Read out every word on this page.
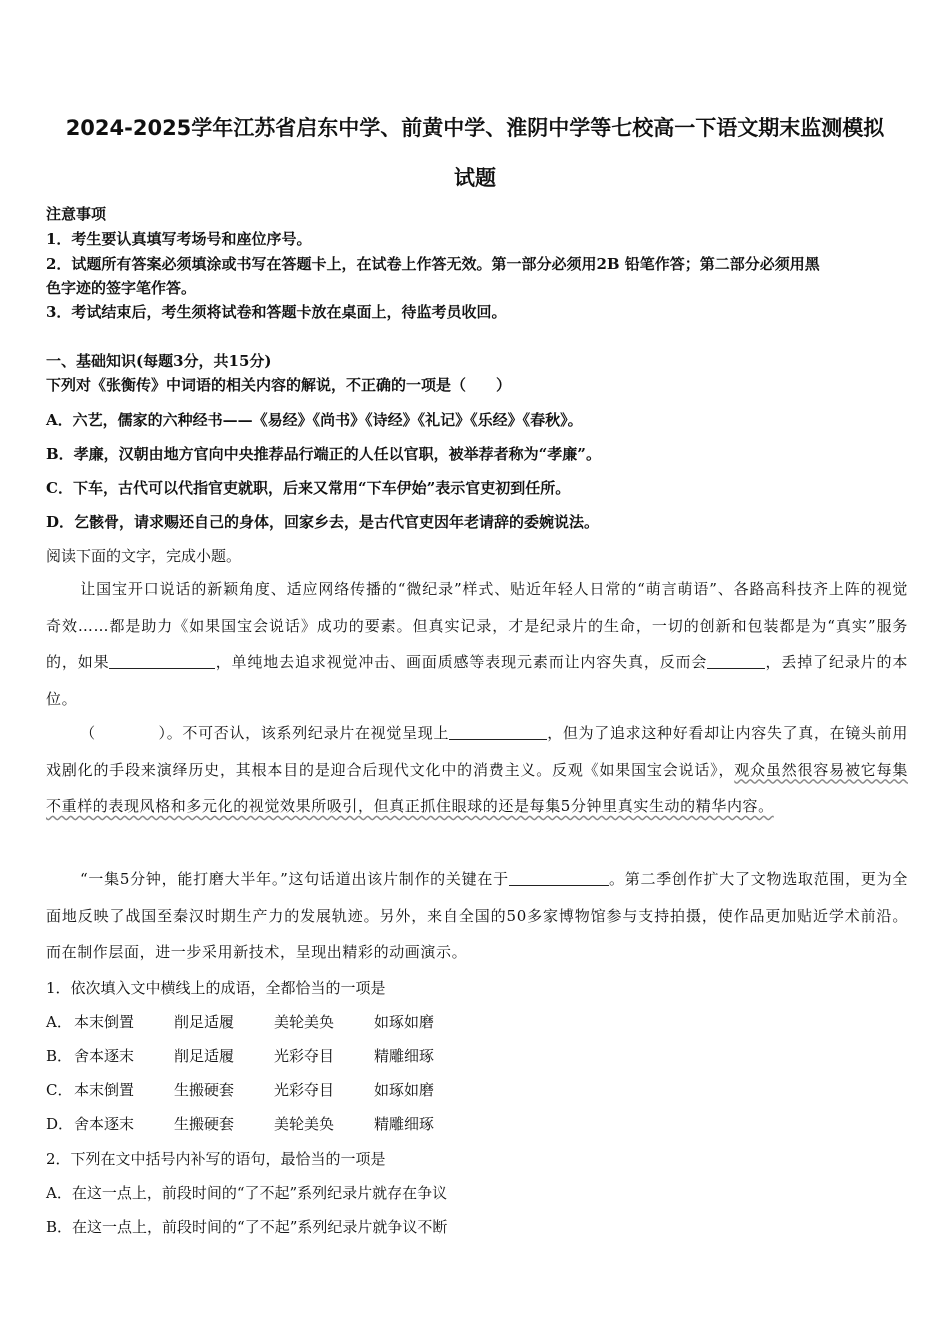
2024-2025学年江苏省启东中学、前黄中学、淮阴中学等七校高一下语文期末监测模拟
试题
注意事项
1．考生要认真填写考场号和座位序号。
2．试题所有答案必须填涂或书写在答题卡上，在试卷上作答无效。第一部分必须用2B 铅笔作答；第二部分必须用黑
色字迹的签字笔作答。
3．考试结束后，考生须将试卷和答题卡放在桌面上，待监考员收回。
一、基础知识(每题3分，共15分)
下列对《张衡传》中词语的相关内容的解说，不正确的一项是（　　）
A．六艺，儒家的六种经书——《易经》《尚书》《诗经》《礼记》《乐经》《春秋》。
B．孝廉，汉朝由地方官向中央推荐品行端正的人任以官职，被举荐者称为“孝廉”。
C．下车，古代可以代指官吏就职，后来又常用“下车伊始”表示官吏初到任所。
D．乞骸骨，请求赐还自己的身体，回家乡去，是古代官吏因年老请辞的委婉说法。
阅读下面的文字，完成小题。
让国宝开口说话的新颖角度、适应网络传播的“微纪录”样式、贴近年轻人日常的“萌言萌语”、各路高科技齐上阵的视觉奇效……都是助力《如果国宝会说话》成功的要素。但真实记录，才是纪录片的生命，一切的创新和包装都是为“真实”服务的，如果	，单纯地去追求视觉冲击、画面质感等表现元素而让内容失真，反而会	，丢掉了纪录片的本位。
（　　　　）。不可否认，该系列纪录片在视觉呈现上	，但为了追求这种好看却让内容失了真，在镜头前用戏剧化的手段来演绎历史，其根本目的是迎合后现代文化中的消费主义。反观《如果国宝会说话》，观众虽然很容易被它每集不重样的表现风格和多元化的视觉效果所吸引，但真正抓住眼球的还是每集5分钟里真实生动的精华内容。
“一集5分钟，能打磨大半年。”这句话道出该片制作的关键在于	。第二季创作扩大了文物选取范围，更为全面地反映了战国至秦汉时期生产力的发展轨迹。另外，来自全国的50多家博物馆参与支持拍摄，使作品更加贴近学术前沿。而在制作层面，进一步采用新技术，呈现出精彩的动画演示。
1．依次填入文中横线上的成语，全都恰当的一项是
A． 本末倒置	削足适履	美轮美奂	如琢如磨
B． 舍本逐末	削足适履	光彩夺目	精雕细琢
C． 本末倒置	生搬硬套	光彩夺目	如琢如磨
D．舍本逐末	生搬硬套	美轮美奂	精雕细琢
2．下列在文中括号内补写的语句，最恰当的一项是
A．在这一点上，前段时间的“了不起”系列纪录片就存在争议
B．在这一点上，前段时间的“了不起”系列纪录片就争议不断
